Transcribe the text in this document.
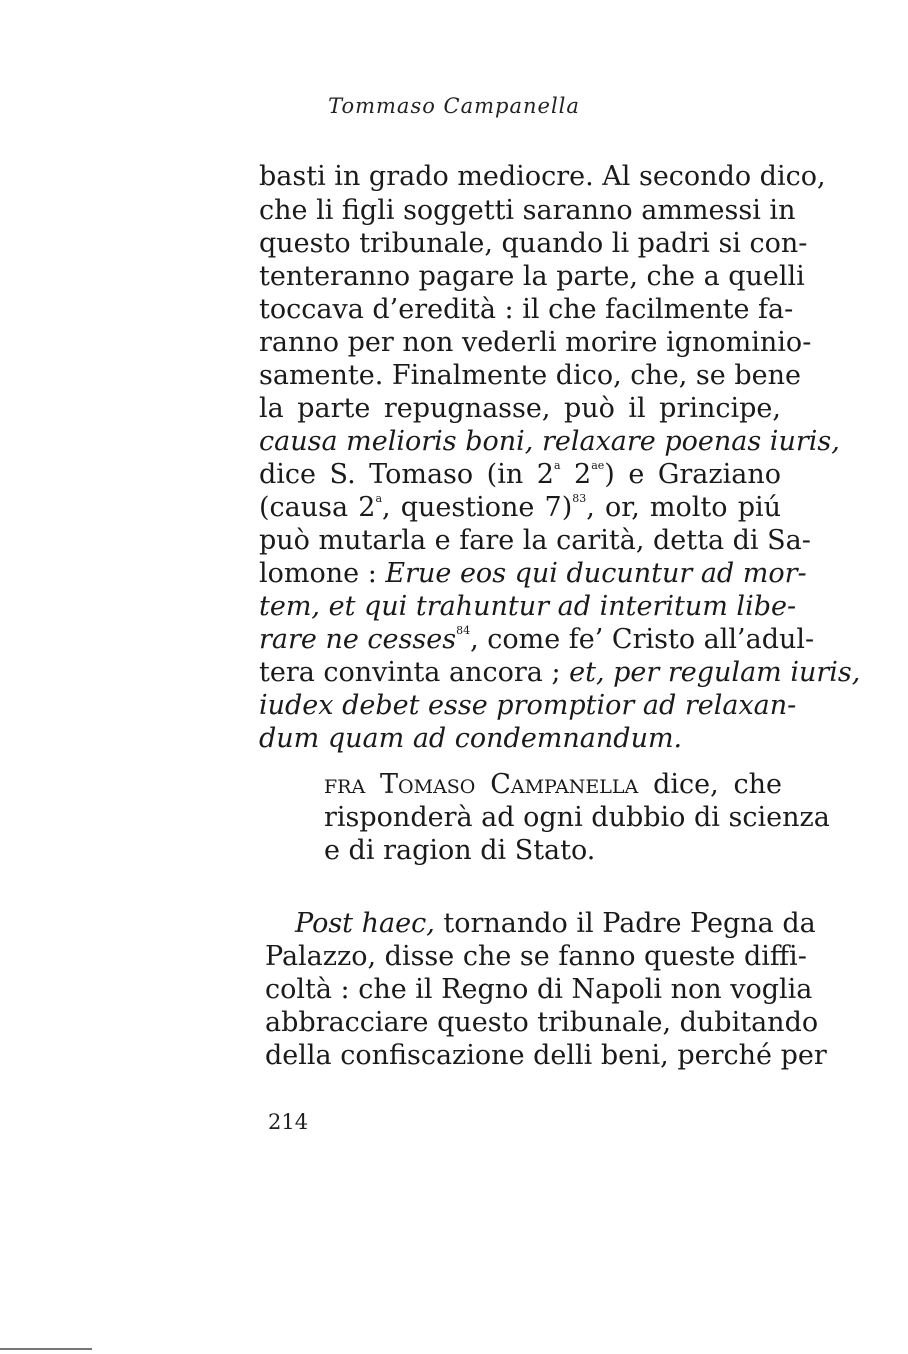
Tommaso Campanella
basti in grado mediocre. Al secondo dico,
che li figli soggetti saranno ammessi in
questo tribunale, quando li padri si con-
tenteranno pagare la parte, che a quelli
toccava d’eredità : il che facilmente fa-
ranno per non vederli morire ignominio-
samente. Finalmente dico, che, se bene
la parte repugnasse, può il principe,
causa melioris boni, relaxare poenas iuris,
dice S. Tomaso (in 2$^a$ $2^{ae}$) e Graziano
(causa 2$^a$, questione 7)$^{83}$, or, molto piú
può mutarla e fare la carità, detta di Sa-
lomone : Erue eos qui ducuntur ad mor-
tem, et qui trahuntur ad interitum libe-
rare ne cesses$^{84}$, come fe’ Cristo all’adul-
tera convinta ancora ; et, per regulam iuris,
iudex debet esse promptior ad relaxan-
dum quam ad condemnandum.
fra Tomaso Campanella dice, che
risponderà ad ogni dubbio di scienza
e di ragion di Stato.
Post haec, tornando il Padre Pegna da
Palazzo, disse che se fanno queste diffi-
coltà : che il Regno di Napoli non voglia
abbracciare questo tribunale, dubitando
della confiscazione delli beni, perché per
214
